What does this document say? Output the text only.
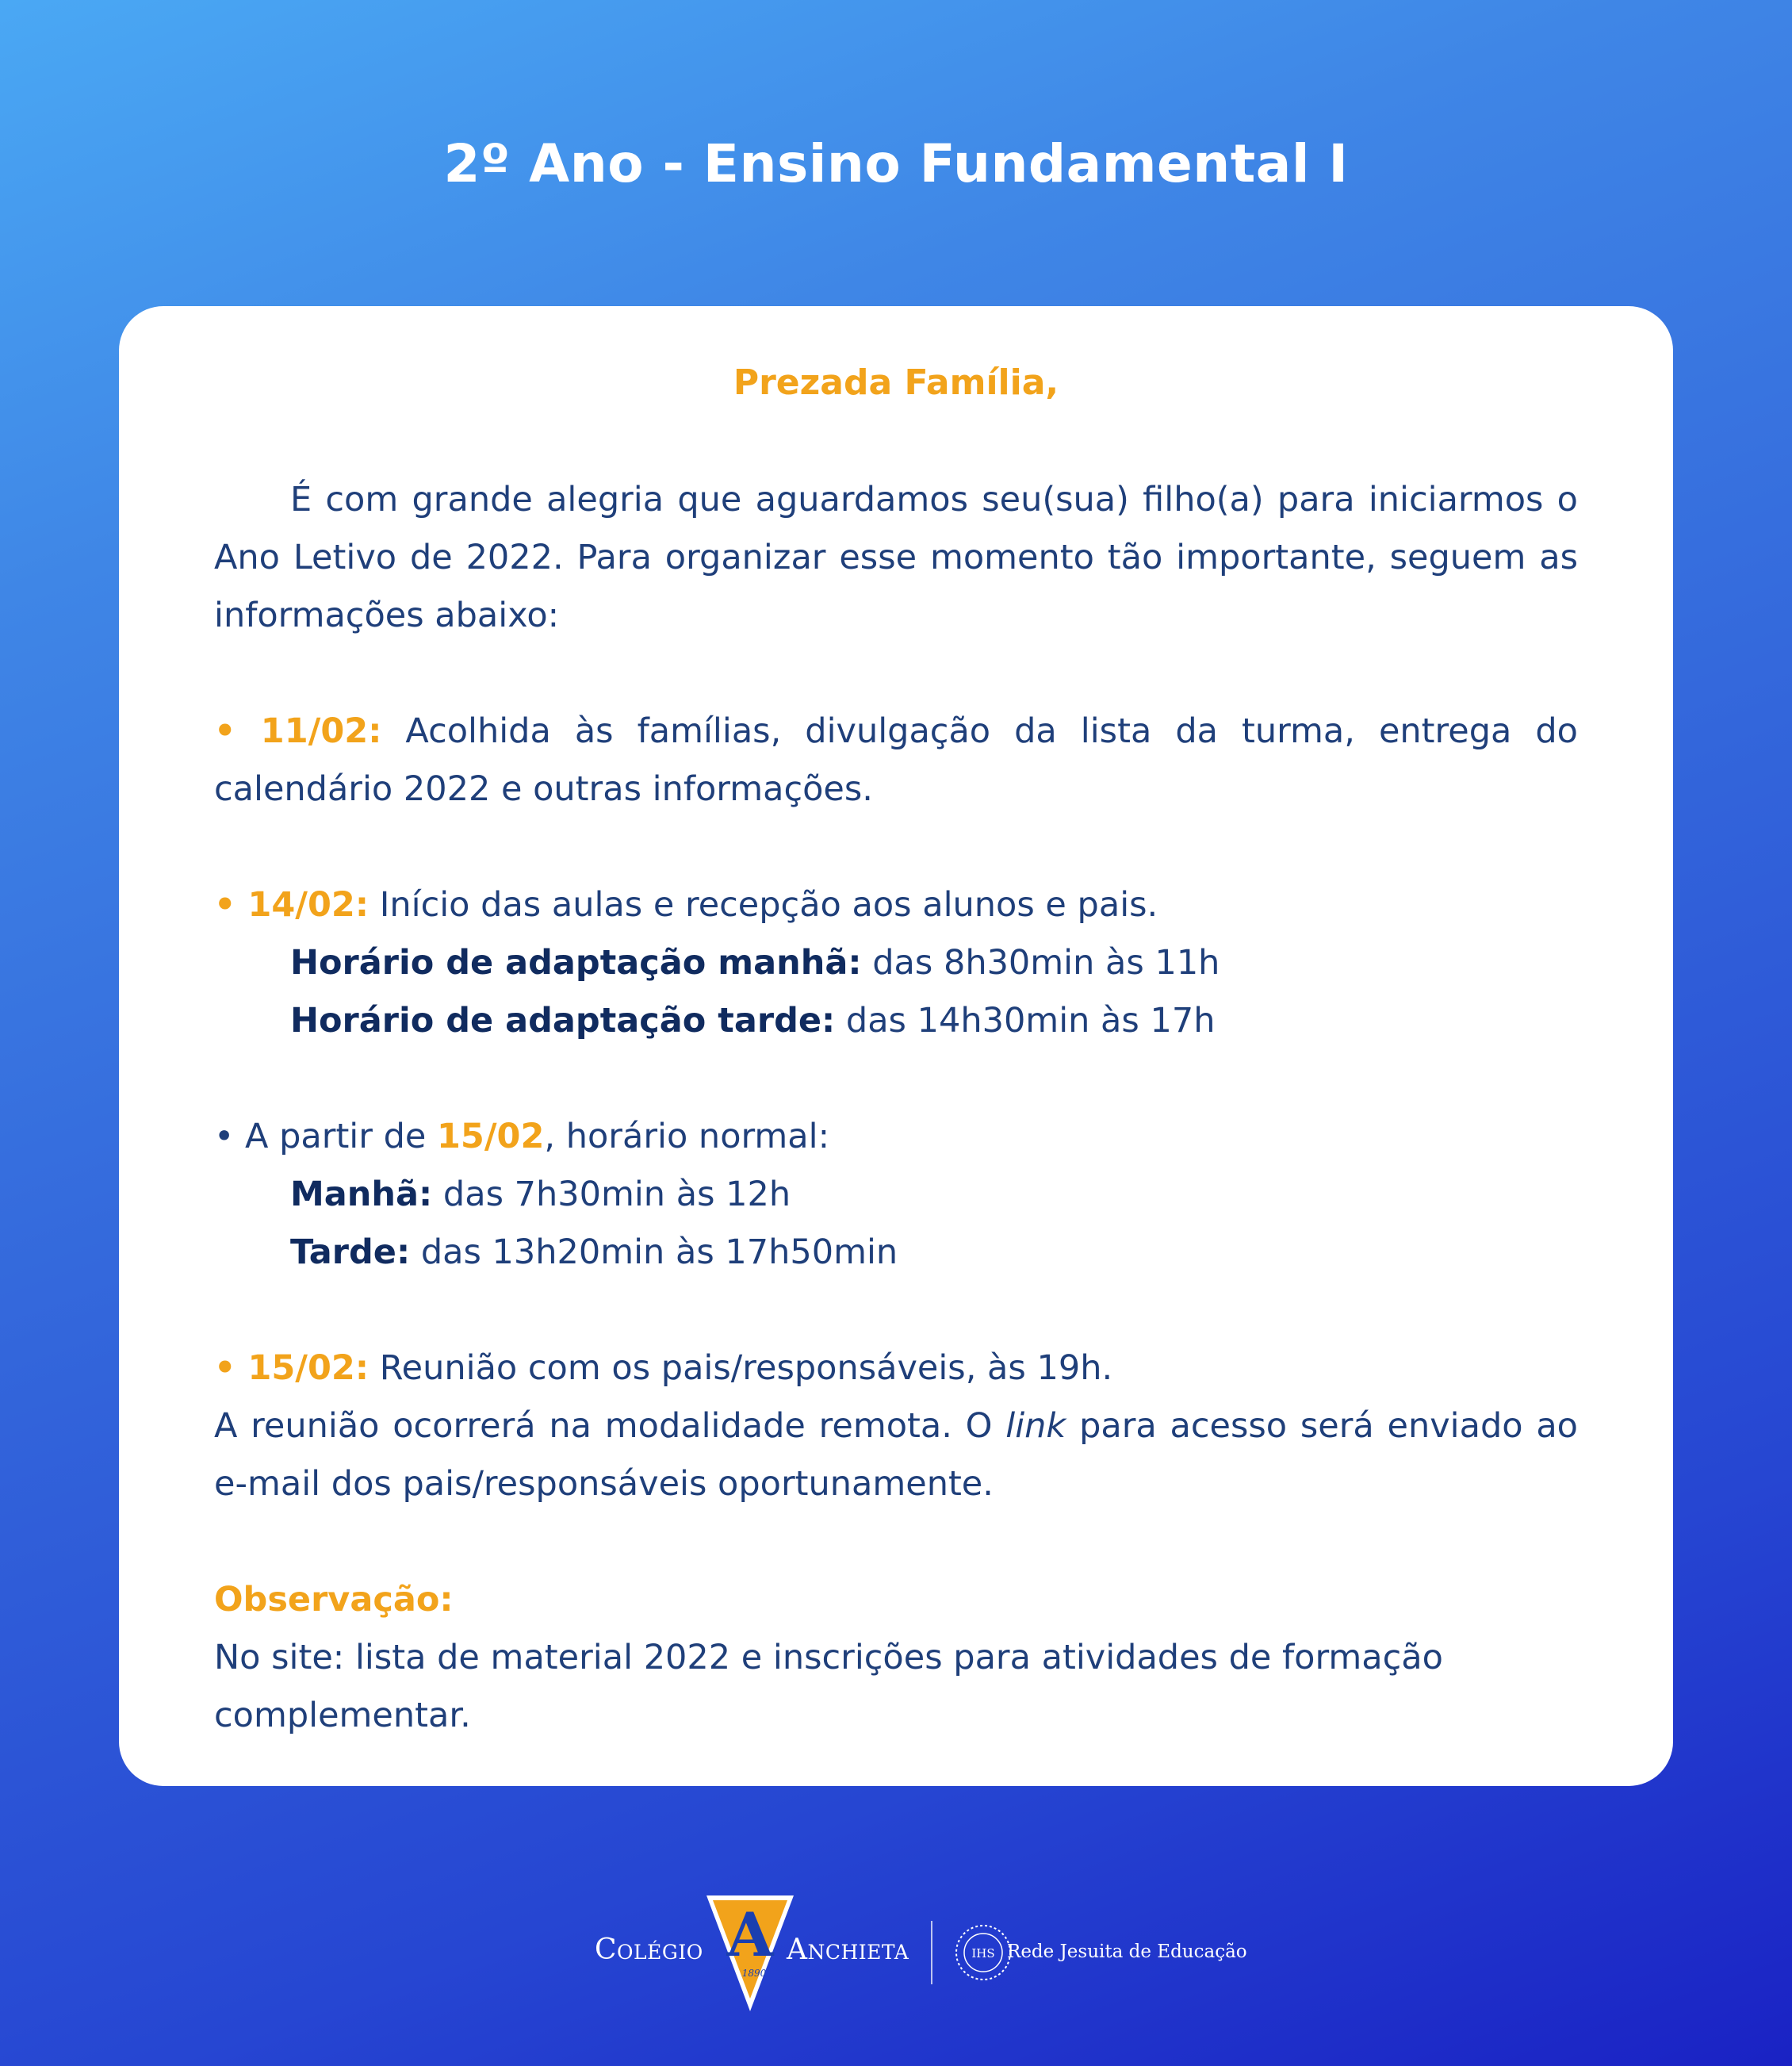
2º Ano - Ensino Fundamental I
Prezada Família,

É com grande alegria que aguardamos seu(sua) filho(a) para iniciarmos o Ano Letivo de 2022. Para organizar esse momento tão importante, seguem as informações abaixo:

• 11/02: Acolhida às famílias, divulgação da lista da turma, entrega do calendário 2022 e outras informações.

• 14/02: Início das aulas e recepção aos alunos e pais.

Horário de adaptação manhã: das 8h30min às 11h

Horário de adaptação tarde: das 14h30min às 17h

• A partir de 15/02, horário normal:

Manhã: das 7h30min às 12h

Tarde: das 13h20min às 17h50min

• 15/02: Reunião com os pais/responsáveis, às 19h.

A reunião ocorrerá na modalidade remota. O link para acesso será enviado ao e-mail dos pais/responsáveis oportunamente.

Observação:

No site: lista de material 2022 e inscrições para atividades de formação complementar.

Colégio A
1890
Anchieta	IHS Rede Jesuita de Educação
